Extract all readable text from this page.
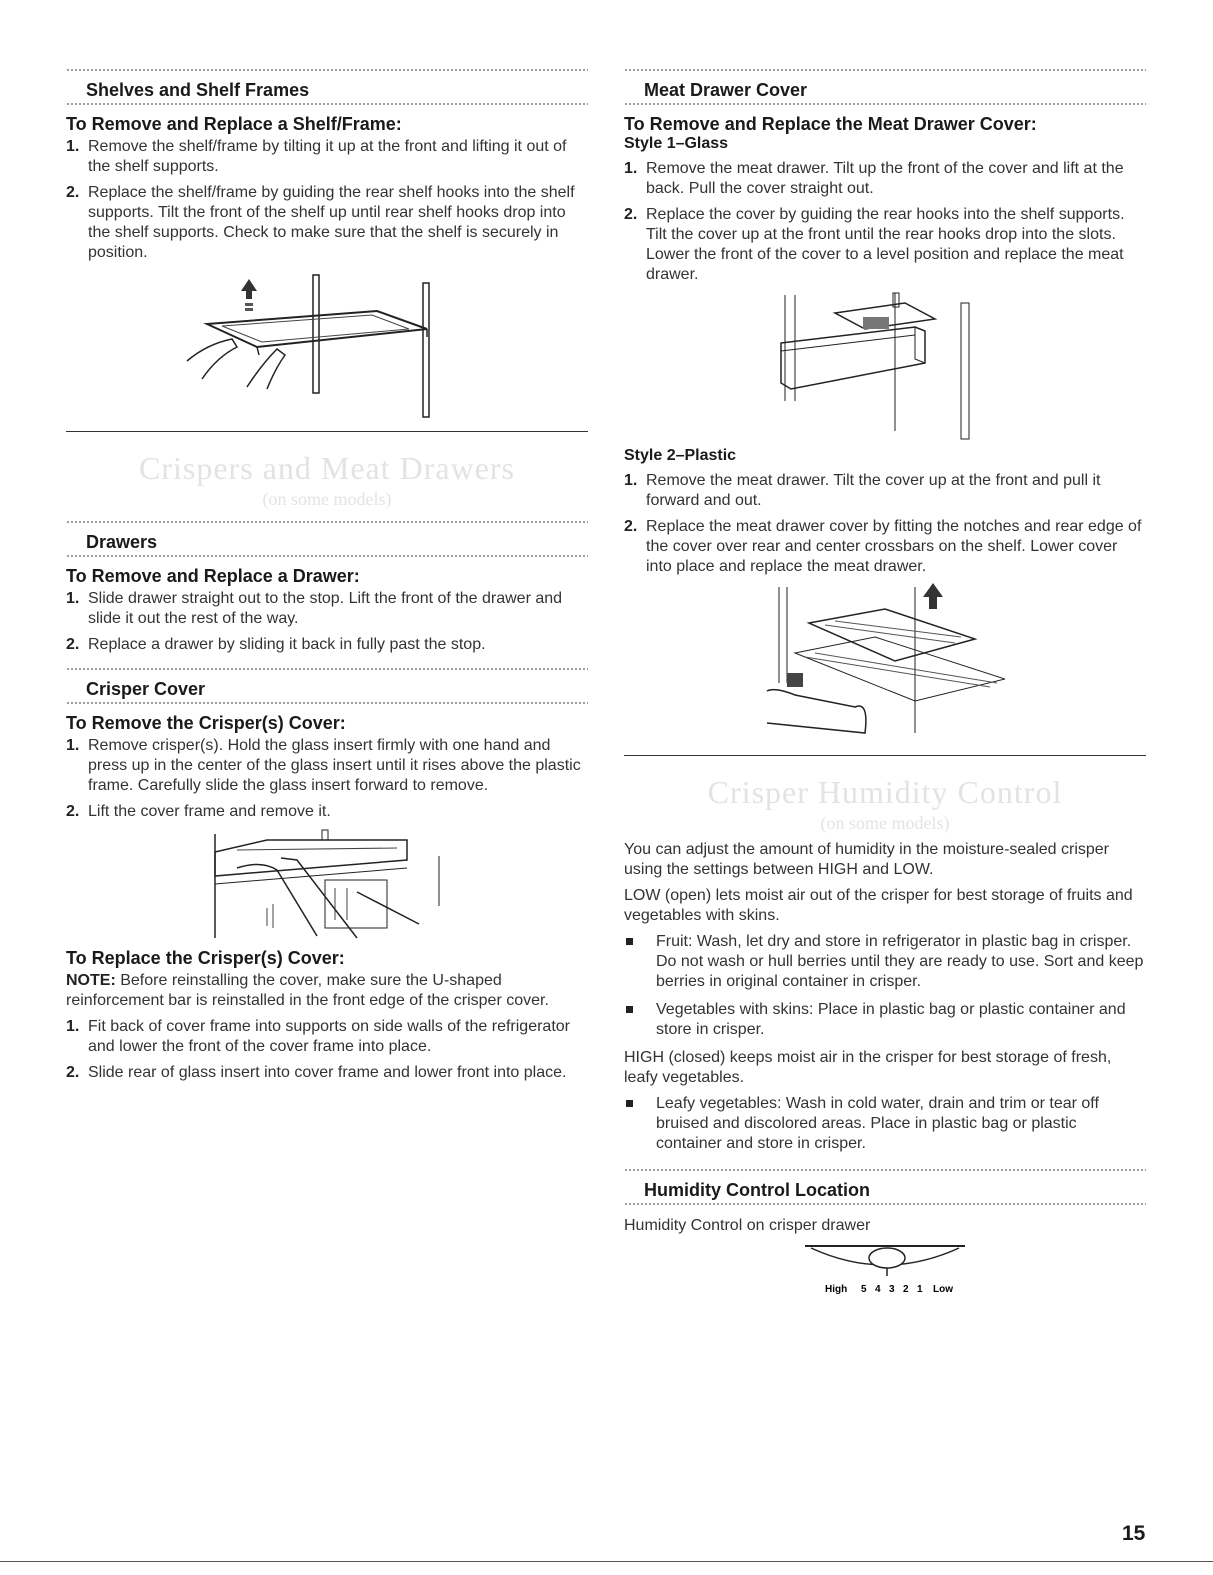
Shelves and Shelf Frames
To Remove and Replace a Shelf/Frame:
1. Remove the shelf/frame by tilting it up at the front and lifting it out of the shelf supports.
2. Replace the shelf/frame by guiding the rear shelf hooks into the shelf supports. Tilt the front of the shelf up until rear shelf hooks drop into the shelf supports. Check to make sure that the shelf is securely in position.
Crispers and Meat Drawers
(on some models)
Drawers
To Remove and Replace a Drawer:
1. Slide drawer straight out to the stop. Lift the front of the drawer and slide it out the rest of the way.
2. Replace a drawer by sliding it back in fully past the stop.
Crisper Cover
To Remove the Crisper(s) Cover:
1. Remove crisper(s). Hold the glass insert firmly with one hand and press up in the center of the glass insert until it rises above the plastic frame. Carefully slide the glass insert forward to remove.
2. Lift the cover frame and remove it.
To Replace the Crisper(s) Cover:

NOTE: Before reinstalling the cover, make sure the U-shaped reinforcement bar is reinstalled in the front edge of the crisper cover.

1. Fit back of cover frame into supports on side walls of the refrigerator and lower the front of the cover frame into place.
2. Slide rear of glass insert into cover frame and lower front into place.
Meat Drawer Cover
To Remove and Replace the Meat Drawer Cover:
Style 1–Glass
1. Remove the meat drawer. Tilt up the front of the cover and lift at the back. Pull the cover straight out.
2. Replace the cover by guiding the rear hooks into the shelf supports. Tilt the cover up at the front until the rear hooks drop into the slots. Lower the front of the cover to a level position and replace the meat drawer.
Style 2–Plastic
1. Remove the meat drawer. Tilt the cover up at the front and pull it forward and out.
2. Replace the meat drawer cover by fitting the notches and rear edge of the cover over rear and center crossbars on the shelf. Lower cover into place and replace the meat drawer.
Crisper Humidity Control
(on some models)

You can adjust the amount of humidity in the moisture-sealed crisper using the settings between HIGH and LOW.

LOW (open) lets moist air out of the crisper for best storage of fruits and vegetables with skins.

Fruit: Wash, let dry and store in refrigerator in plastic bag in crisper. Do not wash or hull berries until they are ready to use. Sort and keep berries in original container in crisper.
Vegetables with skins: Place in plastic bag or plastic container and store in crisper.

HIGH (closed) keeps moist air in the crisper for best storage of fresh, leafy vegetables.

Leafy vegetables: Wash in cold water, drain and trim or tear off bruised and discolored areas. Place in plastic bag or plastic container and store in crisper.
Humidity Control Location

Humidity Control on crisper drawer

High 5 4 3 2 1 Low
15
